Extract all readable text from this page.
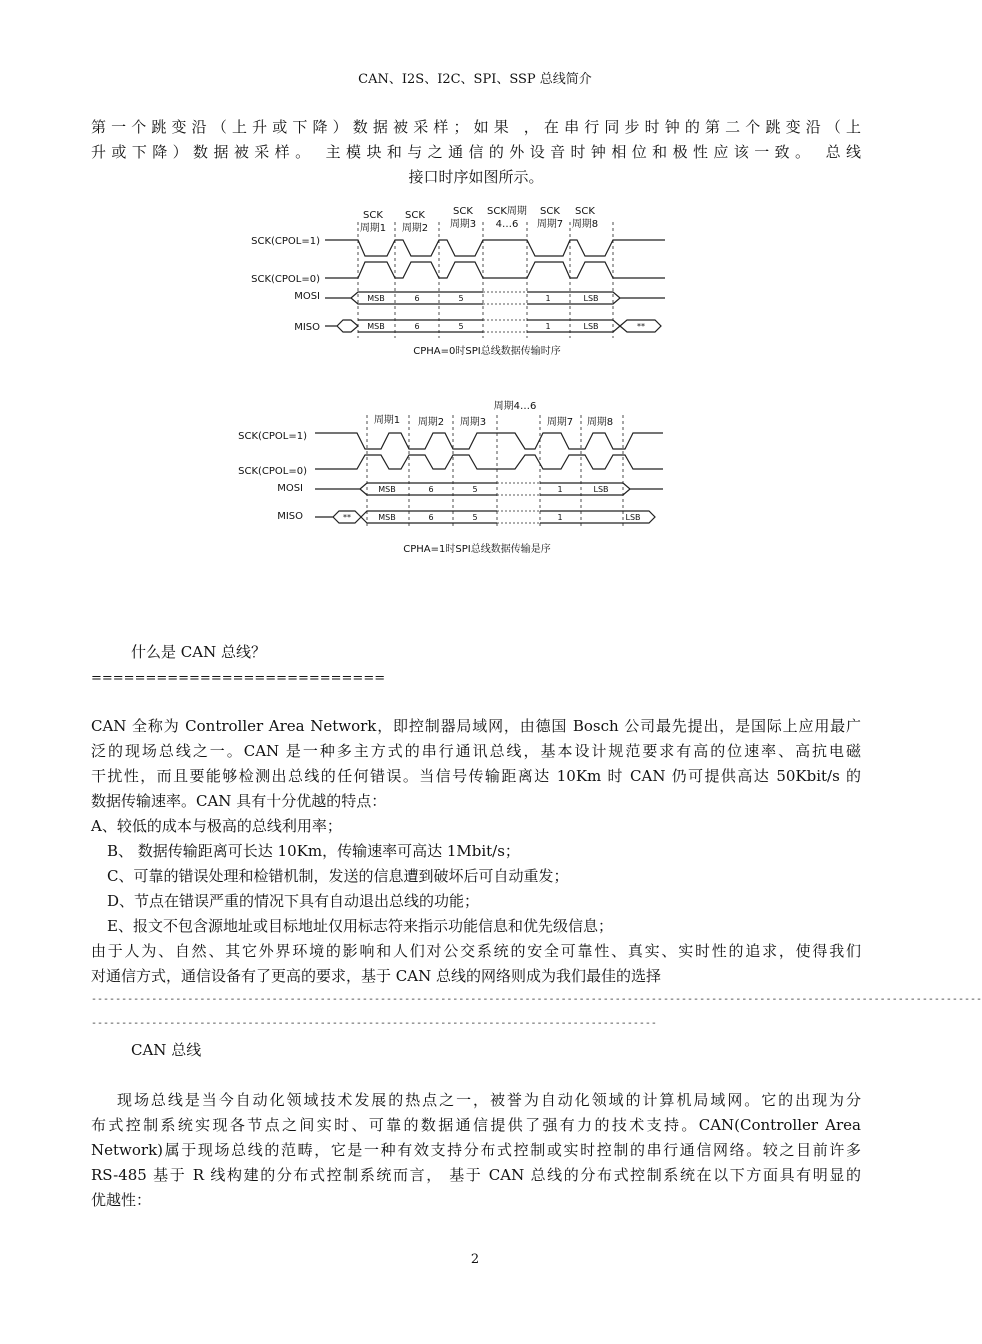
CAN、I2S、I2C、SPI、SSP 总线简介
第一个跳变沿（上升或下降）数据被采样；如果 ，在串行同步时钟的第二个跳变沿（上
升或下降）数据被采样。 主模块和与之通信的外设音时钟相位和极性应该一致。 总线
接口时序如图所示。
SCK
周期1
SCK
周期2
SCK
周期3
SCK周期
4…6
SCK
周期7
SCK
周期8
SCK(CPOL=1)
SCK(CPOL=0)
MOSI
MISO
MSB	6	5	1	LSB
MSB	6	5	1	LSB	**
CPHA=0时SPI总线数据传输时序
周期4…6
周期1 周期2 周期3	周期7 周期8
SCK(CPOL=1)
SCK(CPOL=0)
MOSI
MISO
MSB	6	5	1	LSB
**	MSB	6	5	1	LSB
CPHA=1时SPI总线数据传输是序
什么是 CAN 总线？
===========================
CAN 全称为 Controller Area Network，即控制器局域网，由德国 Bosch 公司最先提出，是国际上应用最广
泛的现场总线之一。CAN 是一种多主方式的串行通讯总线，基本设计规范要求有高的位速率、高抗电磁
干扰性，而且要能够检测出总线的任何错误。当信号传输距离达 10Km 时 CAN 仍可提供高达 50Kbit/s 的
数据传输速率。CAN 具有十分优越的特点：
A、较低的成本与极高的总线利用率；
B、 数据传输距离可长达 10Km，传输速率可高达 1Mbit/s；
C、可靠的错误处理和检错机制，发送的信息遭到破坏后可自动重发；
D、节点在错误严重的情况下具有自动退出总线的功能；
E、报文不包含源地址或目标地址仅用标志符来指示功能信息和优先级信息；
由于人为、自然、其它外界环境的影响和人们对公交系统的安全可靠性、真实、实时性的追求，使得我们
对通信方式，通信设备有了更高的要求，基于 CAN 总线的网络则成为我们最佳的选择
----------------------------------------------------------------------------------------------------------------------------------------------------
----------------------------------------------------------------------------------------------
CAN 总线
现场总线是当今自动化领域技术发展的热点之一，被誉为自动化领域的计算机局域网。它的出现为分
布式控制系统实现各节点之间实时、可靠的数据通信提供了强有力的技术支持。CAN(Controller Area
Network)属于现场总线的范畴，它是一种有效支持分布式控制或实时控制的串行通信网络。较之目前许多
RS-485 基于 R 线构建的分布式控制系统而言， 基于 CAN 总线的分布式控制系统在以下方面具有明显的
优越性：
2
